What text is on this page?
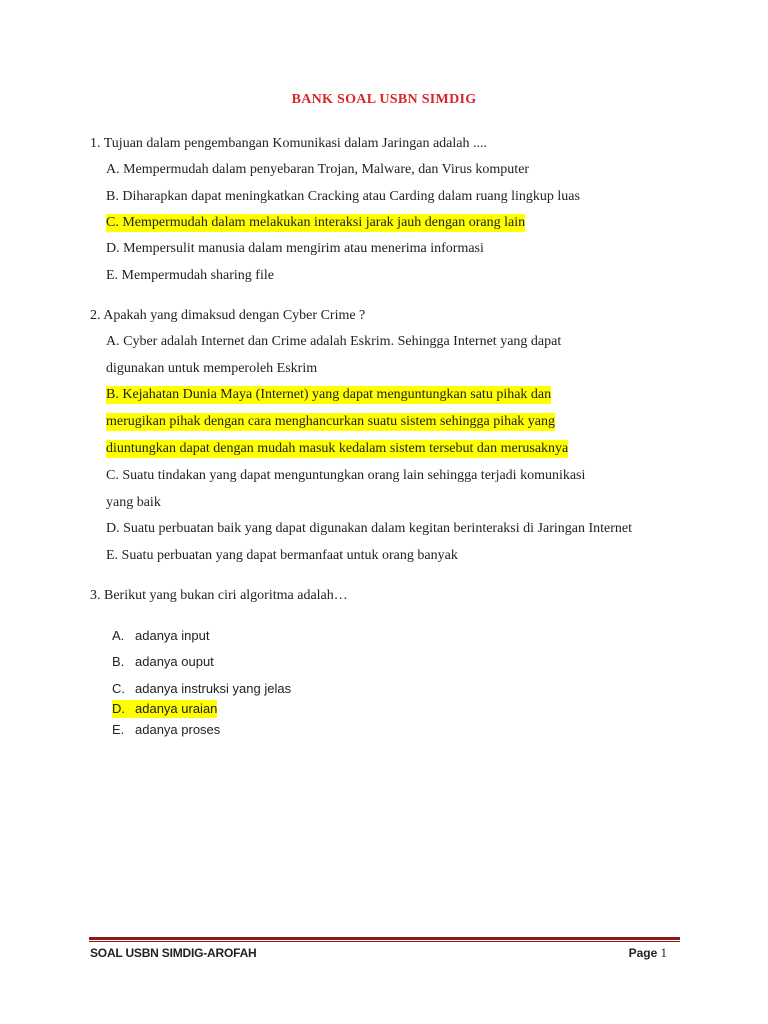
BANK SOAL USBN SIMDIG
1. Tujuan dalam pengembangan Komunikasi dalam Jaringan adalah ....
A. Mempermudah dalam penyebaran Trojan, Malware, dan Virus komputer
B. Diharapkan dapat meningkatkan Cracking atau Carding dalam ruang lingkup luas
C. Mempermudah dalam melakukan interaksi jarak jauh dengan orang lain
D. Mempersulit manusia dalam mengirim atau menerima informasi
E. Mempermudah sharing file
2. Apakah yang dimaksud dengan Cyber Crime ?
A. Cyber adalah Internet dan Crime adalah Eskrim. Sehingga Internet yang dapat
digunakan untuk memperoleh Eskrim
B. Kejahatan Dunia Maya (Internet) yang dapat menguntungkan satu pihak dan
merugikan pihak dengan cara menghancurkan suatu sistem sehingga pihak yang
diuntungkan dapat dengan mudah masuk kedalam sistem tersebut dan merusaknya
C. Suatu tindakan yang dapat menguntungkan orang lain sehingga terjadi komunikasi
yang baik
D. Suatu perbuatan baik yang dapat digunakan dalam kegitan berinteraksi di Jaringan Internet
E. Suatu perbuatan yang dapat bermanfaat untuk orang banyak
3. Berikut yang bukan ciri algoritma adalah…
A. adanya input
B. adanya ouput
C. adanya instruksi yang jelas
D. adanya uraian
E. adanya proses
SOAL USBN SIMDIG-AROFAH	Page 1
